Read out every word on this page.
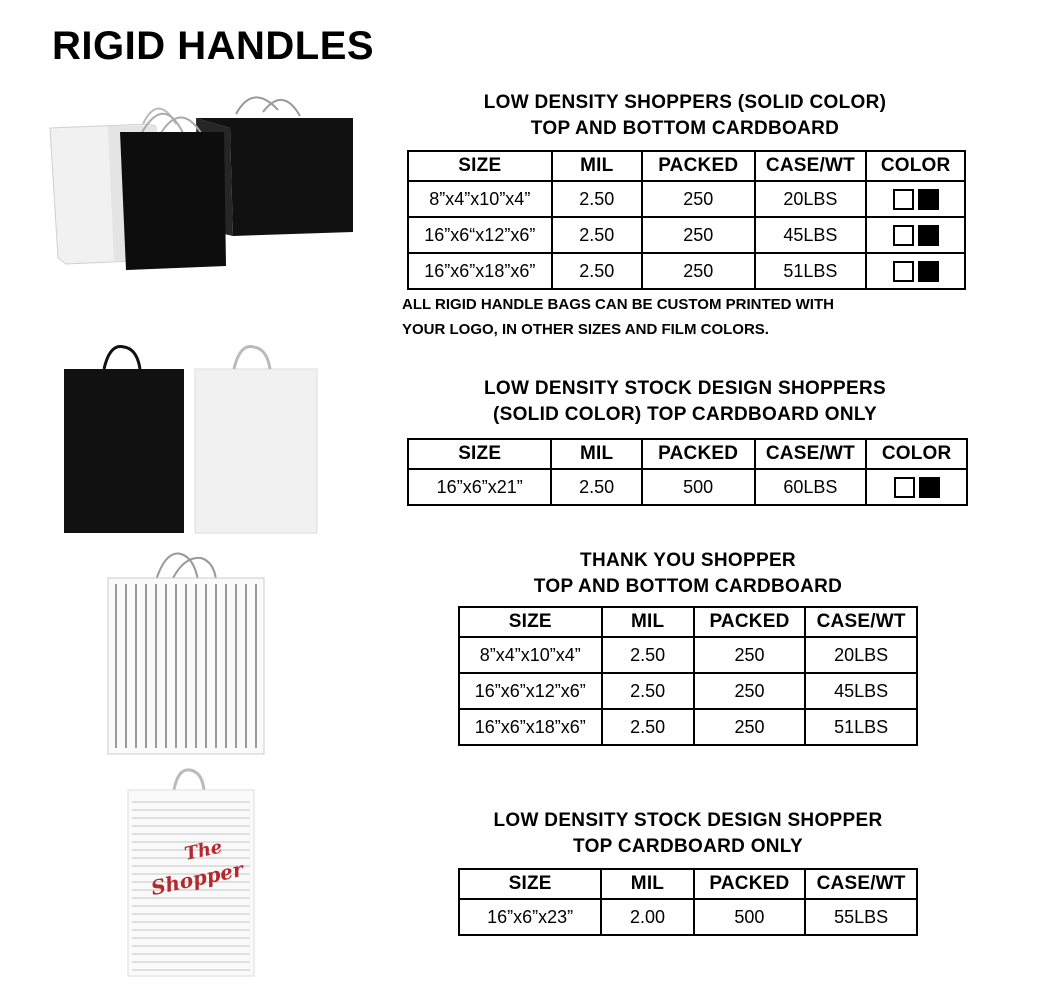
RIGID HANDLES
The
Shopper
LOW DENSITY SHOPPERS (SOLID COLOR)
TOP AND BOTTOM CARDBOARD
SIZE	MIL	PACKED	CASE/WT	COLOR
8”x4”x10”x4”	2.50	250	20LBS	
16”x6“x12”x6”	2.50	250	45LBS	
16”x6”x18”x6”	2.50	250	51LBS	

ALL RIGID HANDLE BAGS CAN BE CUSTOM PRINTED WITH
YOUR LOGO, IN OTHER SIZES AND FILM COLORS.

LOW DENSITY STOCK DESIGN SHOPPERS
(SOLID COLOR) TOP CARDBOARD ONLY
SIZE	MIL	PACKED	CASE/WT	COLOR
16”x6”x21”	2.50	500	60LBS	
THANK YOU SHOPPER
TOP AND BOTTOM CARDBOARD
SIZE	MIL	PACKED	CASE/WT
8”x4”x10”x4”	2.50	250	20LBS
16”x6”x12”x6”	2.50	250	45LBS
16”x6”x18”x6”	2.50	250	51LBS
LOW DENSITY STOCK DESIGN SHOPPER
TOP CARDBOARD ONLY
SIZE	MIL	PACKED	CASE/WT
16”x6”x23”	2.00	500	55LBS
